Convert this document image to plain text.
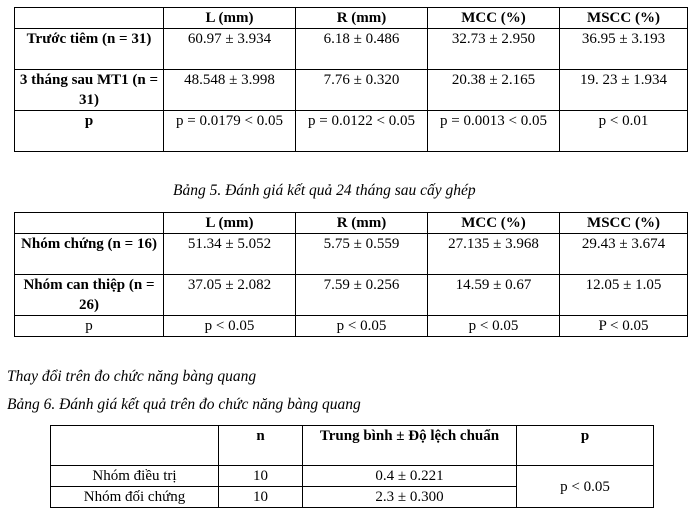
	L (mm)	R (mm)	MCC (%)	MSCC (%)
Trước tiêm (n = 31)	60.97 ± 3.934	6.18 ± 0.486	32.73 ± 2.950	36.95 ± 3.193
3 tháng sau MT1 (n = 31)	48.548 ± 3.998	7.76 ± 0.320	20.38 ± 2.165	19. 23 ± 1.934
p	p = 0.0179 < 0.05	p = 0.0122 < 0.05	p = 0.0013 < 0.05	p < 0.01
Bảng 5. Đánh giá kết quả 24 tháng sau cấy ghép
	L (mm)	R (mm)	MCC (%)	MSCC (%)
Nhóm chứng (n = 16)	51.34 ± 5.052	5.75 ± 0.559	27.135 ± 3.968	29.43 ± 3.674
Nhóm can thiệp (n = 26)	37.05 ± 2.082	7.59 ± 0.256	14.59 ± 0.67	12.05 ± 1.05
p	p < 0.05	p < 0.05	p < 0.05	P < 0.05
Thay đổi trên đo chức năng bàng quang
Bảng 6. Đánh giá kết quả trên đo chức năng bàng quang
	n	Trung bình ± Độ lệch chuẩn	p
Nhóm điều trị	10	0.4 ± 0.221	p < 0.05
Nhóm đối chứng	10	2.3 ± 0.300	
